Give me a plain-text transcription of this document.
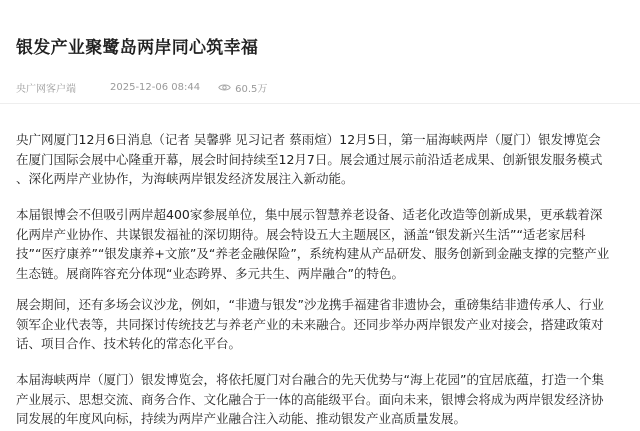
银发产业聚鹭岛两岸同心筑幸福
央广网客户端	2025-12-06 08:44	60.5万
央广网厦门12月6日消息（记者 吴馨骅 见习记者 蔡雨煊）12月5日，第一届海峡两岸（厦门）银发博览会
在厦门国际会展中心隆重开幕，展会时间持续至12月7日。展会通过展示前沿适老成果、创新银发服务模式
、深化两岸产业协作，为海峡两岸银发经济发展注入新动能。
本届银博会不但吸引两岸超400家参展单位，集中展示智慧养老设备、适老化改造等创新成果，更承载着深
化两岸产业协作、共谋银发福祉的深切期待。展会特设五大主题展区，涵盖“银发新兴生活”“适老家居科
技”“医疗康养”“银发康养+文旅”及“养老金融保险”，系统构建从产品研发、服务创新到金融支撑的完整产业
生态链。展商阵容充分体现“业态跨界、多元共生、两岸融合”的特色。
展会期间，还有多场会议沙龙，例如，“非遗与银发”沙龙携手福建省非遗协会，重磅集结非遗传承人、行业
领军企业代表等，共同探讨传统技艺与养老产业的未来融合。还同步举办两岸银发产业对接会，搭建政策对
话、项目合作、技术转化的常态化平台。
本届海峡两岸（厦门）银发博览会，将依托厦门对台融合的先天优势与“海上花园”的宜居底蕴，打造一个集
产业展示、思想交流、商务合作、文化融合于一体的高能级平台。面向未来，银博会将成为两岸银发经济协
同发展的年度风向标，持续为两岸产业融合注入动能、推动银发产业高质量发展。
